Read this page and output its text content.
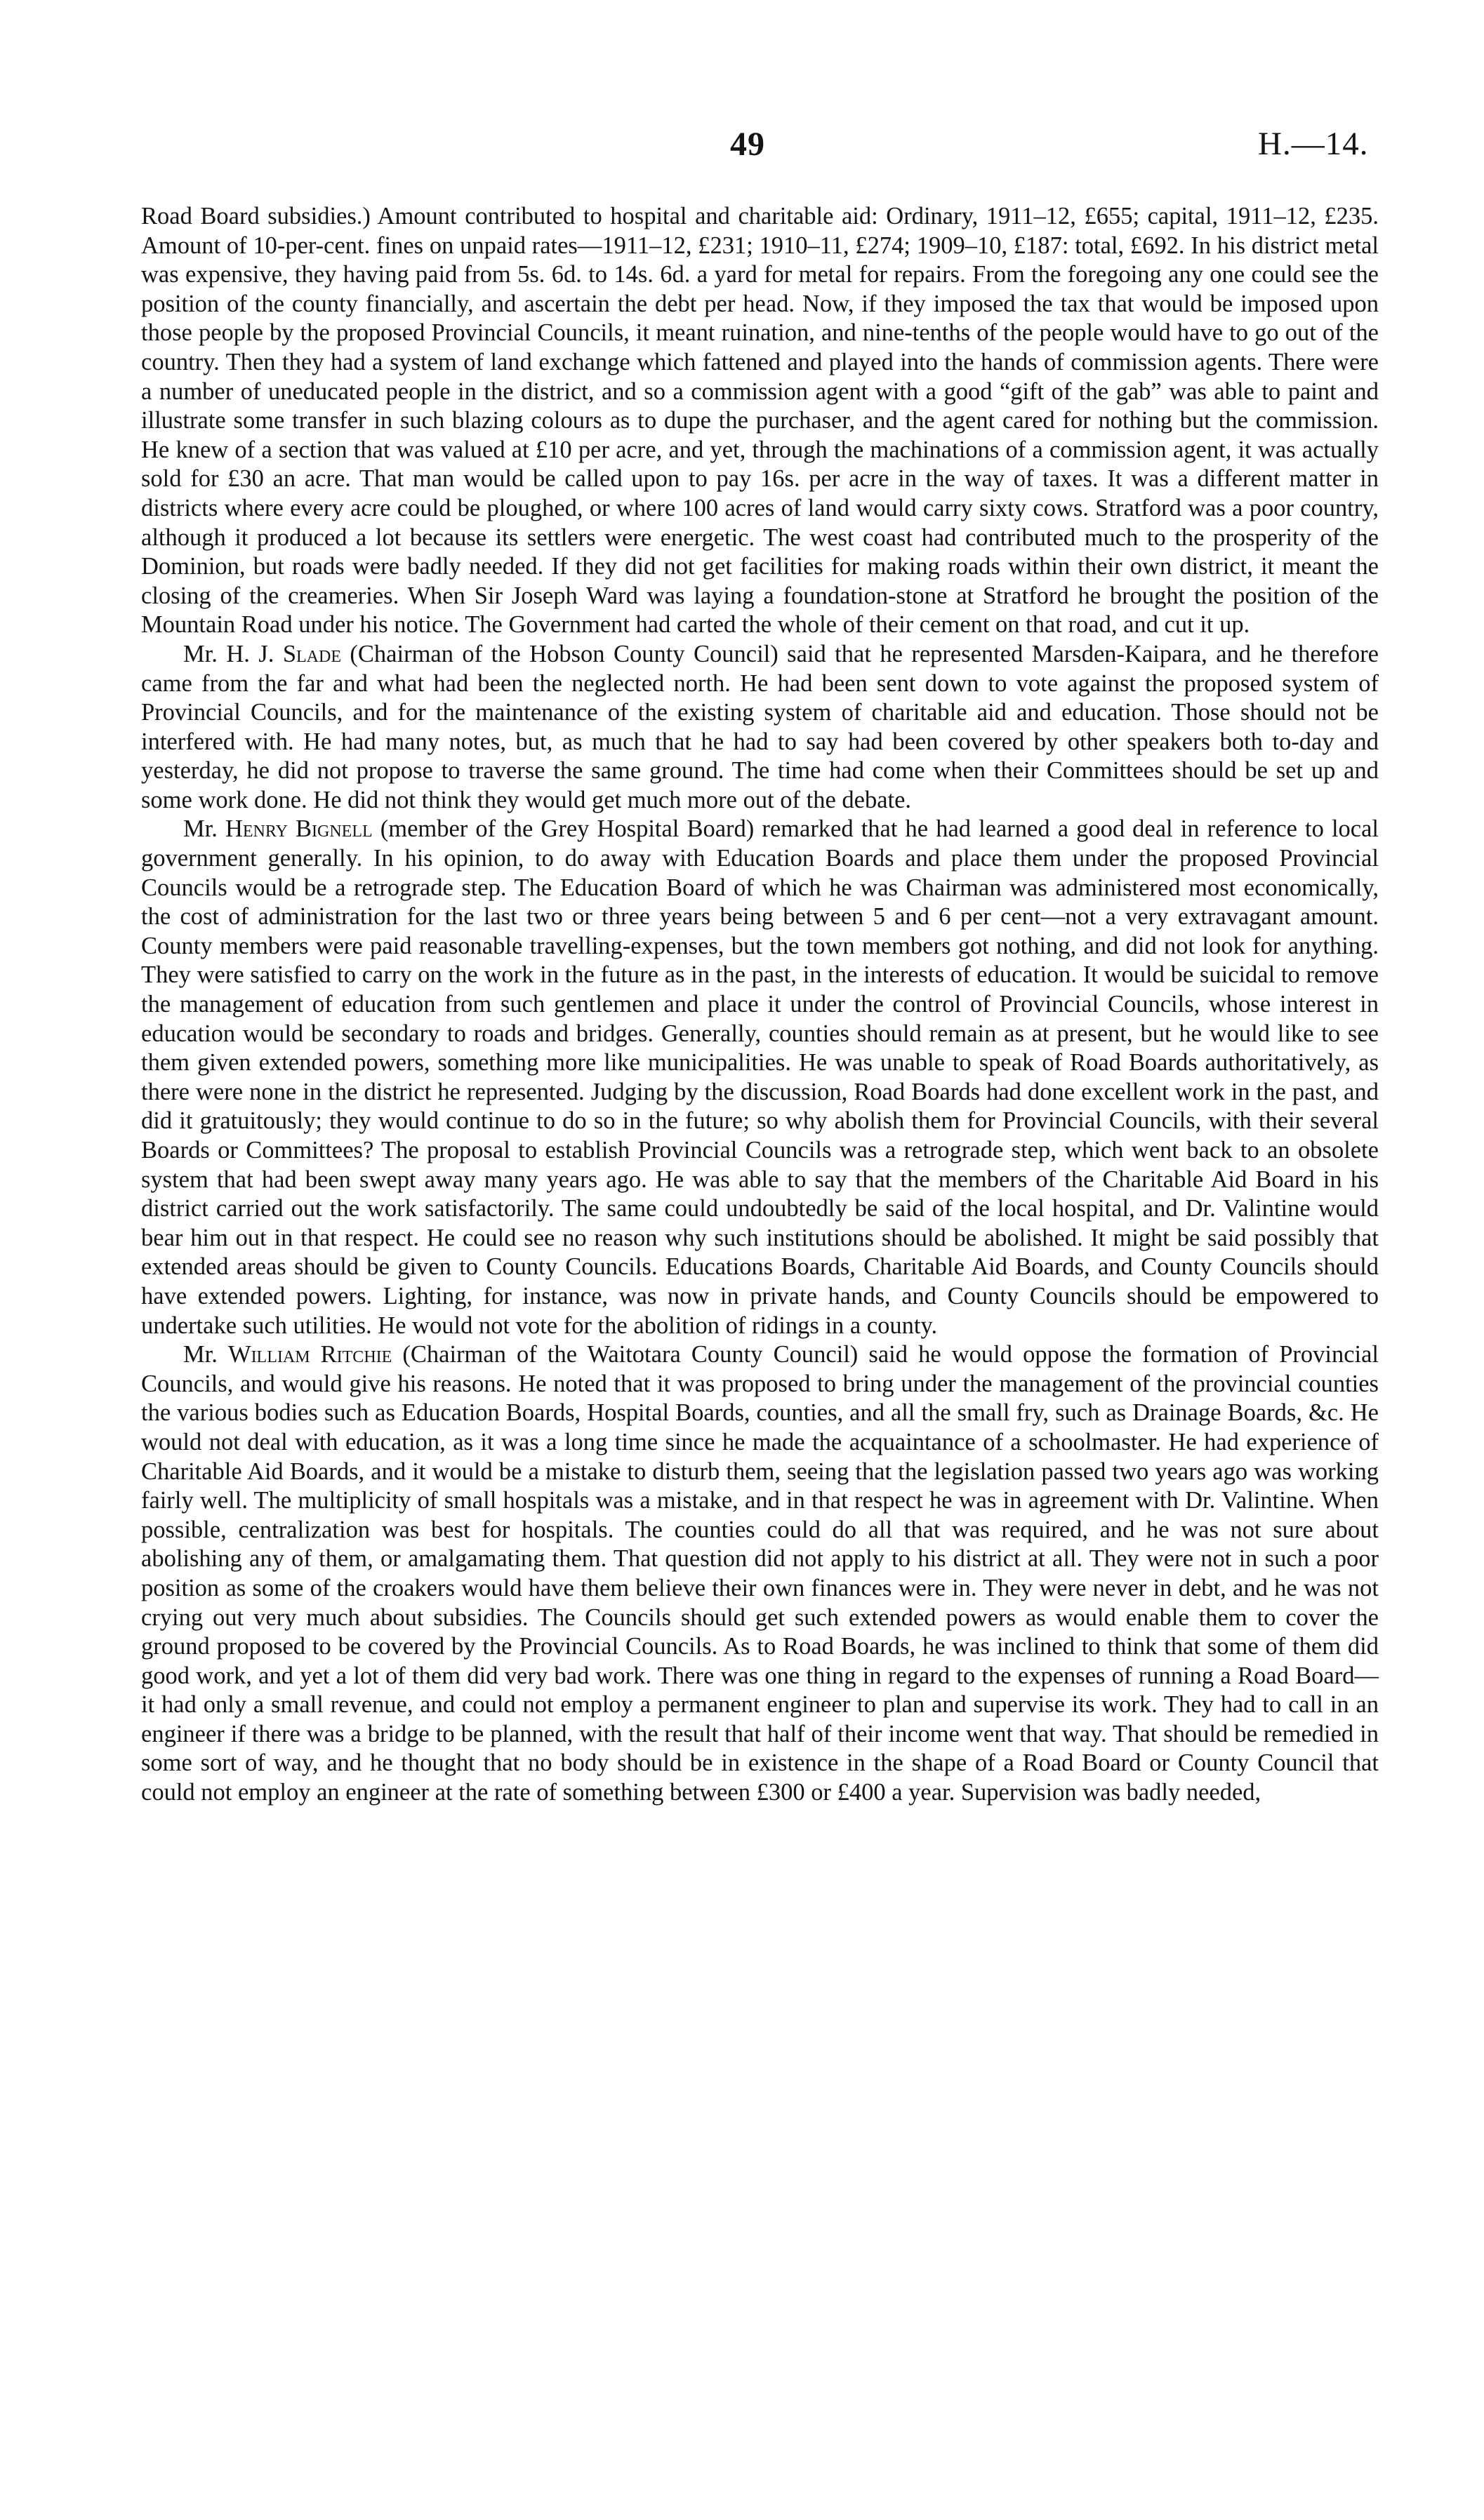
49	H.—14.

Road Board subsidies.) Amount contributed to hospital and charitable aid: Ordinary, 1911–12, £655; capital, 1911–12, £235. Amount of 10-per-cent. fines on unpaid rates—1911–12, £231; 1910–11, £274; 1909–10, £187: total, £692. In his district metal was expensive, they having paid from 5s. 6d. to 14s. 6d. a yard for metal for repairs. From the foregoing any one could see the position of the county financially, and ascertain the debt per head. Now, if they imposed the tax that would be imposed upon those people by the proposed Provincial Councils, it meant ruination, and nine-tenths of the people would have to go out of the country. Then they had a system of land exchange which fattened and played into the hands of commission agents. There were a number of uneducated people in the district, and so a commission agent with a good “gift of the gab” was able to paint and illustrate some transfer in such blazing colours as to dupe the purchaser, and the agent cared for nothing but the commission. He knew of a section that was valued at £10 per acre, and yet, through the machinations of a commission agent, it was actually sold for £30 an acre. That man would be called upon to pay 16s. per acre in the way of taxes. It was a different matter in districts where every acre could be ploughed, or where 100 acres of land would carry sixty cows. Stratford was a poor country, although it produced a lot because its settlers were energetic. The west coast had contributed much to the prosperity of the Dominion, but roads were badly needed. If they did not get facilities for making roads within their own district, it meant the closing of the creameries. When Sir Joseph Ward was laying a foundation-stone at Stratford he brought the position of the Mountain Road under his notice. The Government had carted the whole of their cement on that road, and cut it up.

Mr. H. J. Slade (Chairman of the Hobson County Council) said that he represented Marsden-Kaipara, and he therefore came from the far and what had been the neglected north. He had been sent down to vote against the proposed system of Provincial Councils, and for the maintenance of the existing system of charitable aid and education. Those should not be interfered with. He had many notes, but, as much that he had to say had been covered by other speakers both to-day and yesterday, he did not propose to traverse the same ground. The time had come when their Committees should be set up and some work done. He did not think they would get much more out of the debate.

Mr. Henry Bignell (member of the Grey Hospital Board) remarked that he had learned a good deal in reference to local government generally. In his opinion, to do away with Education Boards and place them under the proposed Provincial Councils would be a retrograde step. The Education Board of which he was Chairman was administered most economically, the cost of administration for the last two or three years being between 5 and 6 per cent—not a very extravagant amount. County members were paid reasonable travelling-expenses, but the town members got nothing, and did not look for anything. They were satisfied to carry on the work in the future as in the past, in the interests of education. It would be suicidal to remove the management of education from such gentlemen and place it under the control of Provincial Councils, whose interest in education would be secondary to roads and bridges. Generally, counties should remain as at present, but he would like to see them given extended powers, something more like municipalities. He was unable to speak of Road Boards authoritatively, as there were none in the district he represented. Judging by the discussion, Road Boards had done excellent work in the past, and did it gratuitously; they would continue to do so in the future; so why abolish them for Provincial Councils, with their several Boards or Committees? The proposal to establish Provincial Councils was a retrograde step, which went back to an obsolete system that had been swept away many years ago. He was able to say that the members of the Charitable Aid Board in his district carried out the work satisfactorily. The same could undoubtedly be said of the local hospital, and Dr. Valintine would bear him out in that respect. He could see no reason why such institutions should be abolished. It might be said possibly that extended areas should be given to County Councils. Educations Boards, Charitable Aid Boards, and County Councils should have extended powers. Lighting, for instance, was now in private hands, and County Councils should be empowered to undertake such utilities. He would not vote for the abolition of ridings in a county.

Mr. William Ritchie (Chairman of the Waitotara County Council) said he would oppose the formation of Provincial Councils, and would give his reasons. He noted that it was proposed to bring under the management of the provincial counties the various bodies such as Education Boards, Hospital Boards, counties, and all the small fry, such as Drainage Boards, &c. He would not deal with education, as it was a long time since he made the acquaintance of a schoolmaster. He had experience of Charitable Aid Boards, and it would be a mistake to disturb them, seeing that the legislation passed two years ago was working fairly well. The multiplicity of small hospitals was a mistake, and in that respect he was in agreement with Dr. Valintine. When possible, centralization was best for hospitals. The counties could do all that was required, and he was not sure about abolishing any of them, or amalgamating them. That question did not apply to his district at all. They were not in such a poor position as some of the croakers would have them believe their own finances were in. They were never in debt, and he was not crying out very much about subsidies. The Councils should get such extended powers as would enable them to cover the ground proposed to be covered by the Provincial Councils. As to Road Boards, he was inclined to think that some of them did good work, and yet a lot of them did very bad work. There was one thing in regard to the expenses of running a Road Board—it had only a small revenue, and could not employ a permanent engineer to plan and supervise its work. They had to call in an engineer if there was a bridge to be planned, with the result that half of their income went that way. That should be remedied in some sort of way, and he thought that no body should be in existence in the shape of a Road Board or County Council that could not employ an engineer at the rate of something between £300 or £400 a year. Supervision was badly needed,
